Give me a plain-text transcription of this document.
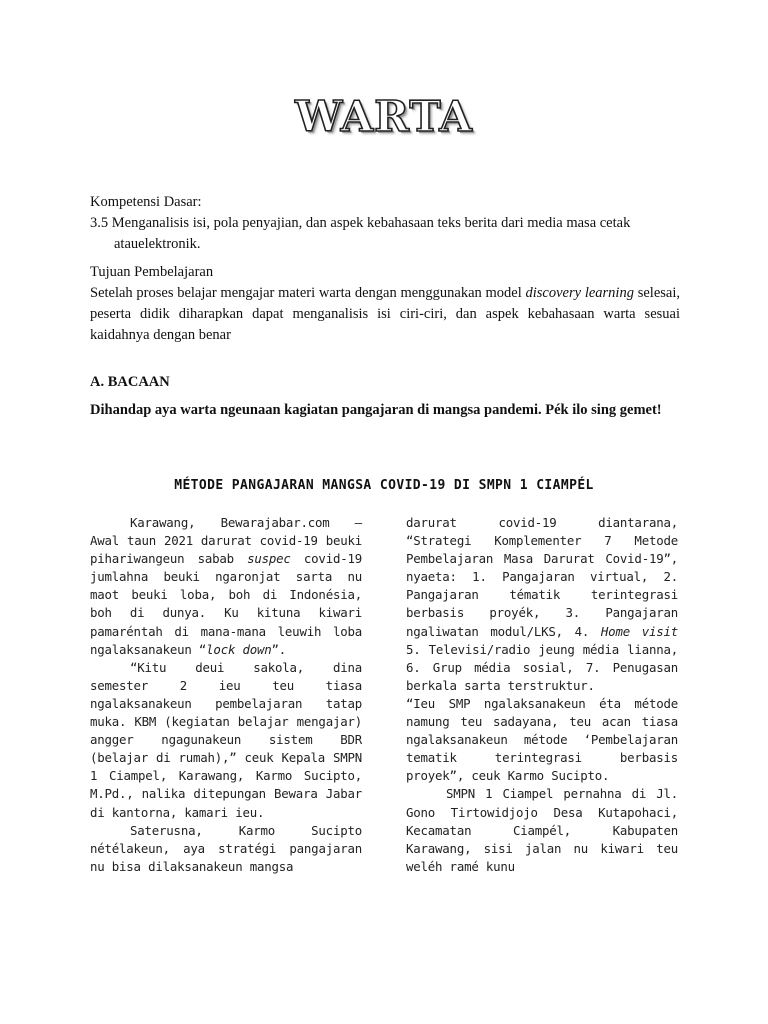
WARTA
Kompetensi Dasar:
3.5 Menganalisis isi, pola penyajian, dan aspek kebahasaan teks berita dari media masa cetak
atauelektronik.
Tujuan Pembelajaran
Setelah proses belajar mengajar materi warta dengan menggunakan model discovery learning selesai, peserta didik diharapkan dapat menganalisis isi ciri-ciri, dan aspek kebahasaan warta sesuai kaidahnya dengan benar
A. BACAAN
Dihandap aya warta ngeunaan kagiatan pangajaran di mangsa pandemi. Pék ilo sing gemet!
MÉTODE PANGAJARAN MANGSA COVID-19 DI SMPN 1 CIAMPÉL

Karawang, Bewarajabar.com — Awal taun 2021 darurat covid-19 beuki pihariwangeun sabab suspec covid-19 jumlahna beuki ngaronjat sarta nu maot beuki loba, boh di Indonésia, boh di dunya. Ku kituna kiwari pamaréntah di mana-mana leuwih loba ngalaksanakeun “lock down”.

“Kitu deui sakola, dina semester 2 ieu teu tiasa ngalaksanakeun pembelajaran tatap muka. KBM (kegiatan belajar mengajar) angger ngagunakeun sistem BDR (belajar di rumah),” ceuk Kepala SMPN 1 Ciampel, Karawang, Karmo Sucipto, M.Pd., nalika ditepungan Bewara Jabar di kantorna, kamari ieu.

Saterusna, Karmo Sucipto nétélakeun, aya stratégi pangajaran nu bisa dilaksanakeun mangsa

darurat covid-19 diantarana, “Strategi Komplementer 7 Metode Pembelajaran Masa Darurat Covid-19”, nyaeta: 1. Pangajaran virtual, 2. Pangajaran tématik terintegrasi berbasis proyék, 3. Pangajaran ngaliwatan modul/LKS, 4. Home visit 5. Televisi/radio jeung média lianna, 6. Grup média sosial, 7. Penugasan berkala sarta terstruktur.

“Ieu SMP ngalaksanakeun éta métode namung teu sadayana, teu acan tiasa ngalaksanakeun métode ‘Pembelajaran tematik terintegrasi berbasis proyek”, ceuk Karmo Sucipto.

SMPN 1 Ciampel pernahna di Jl. Gono Tirtowidjojo Desa Kutapohaci, Kecamatan Ciampél, Kabupaten Karawang, sisi jalan nu kiwari teu weléh ramé kunu
